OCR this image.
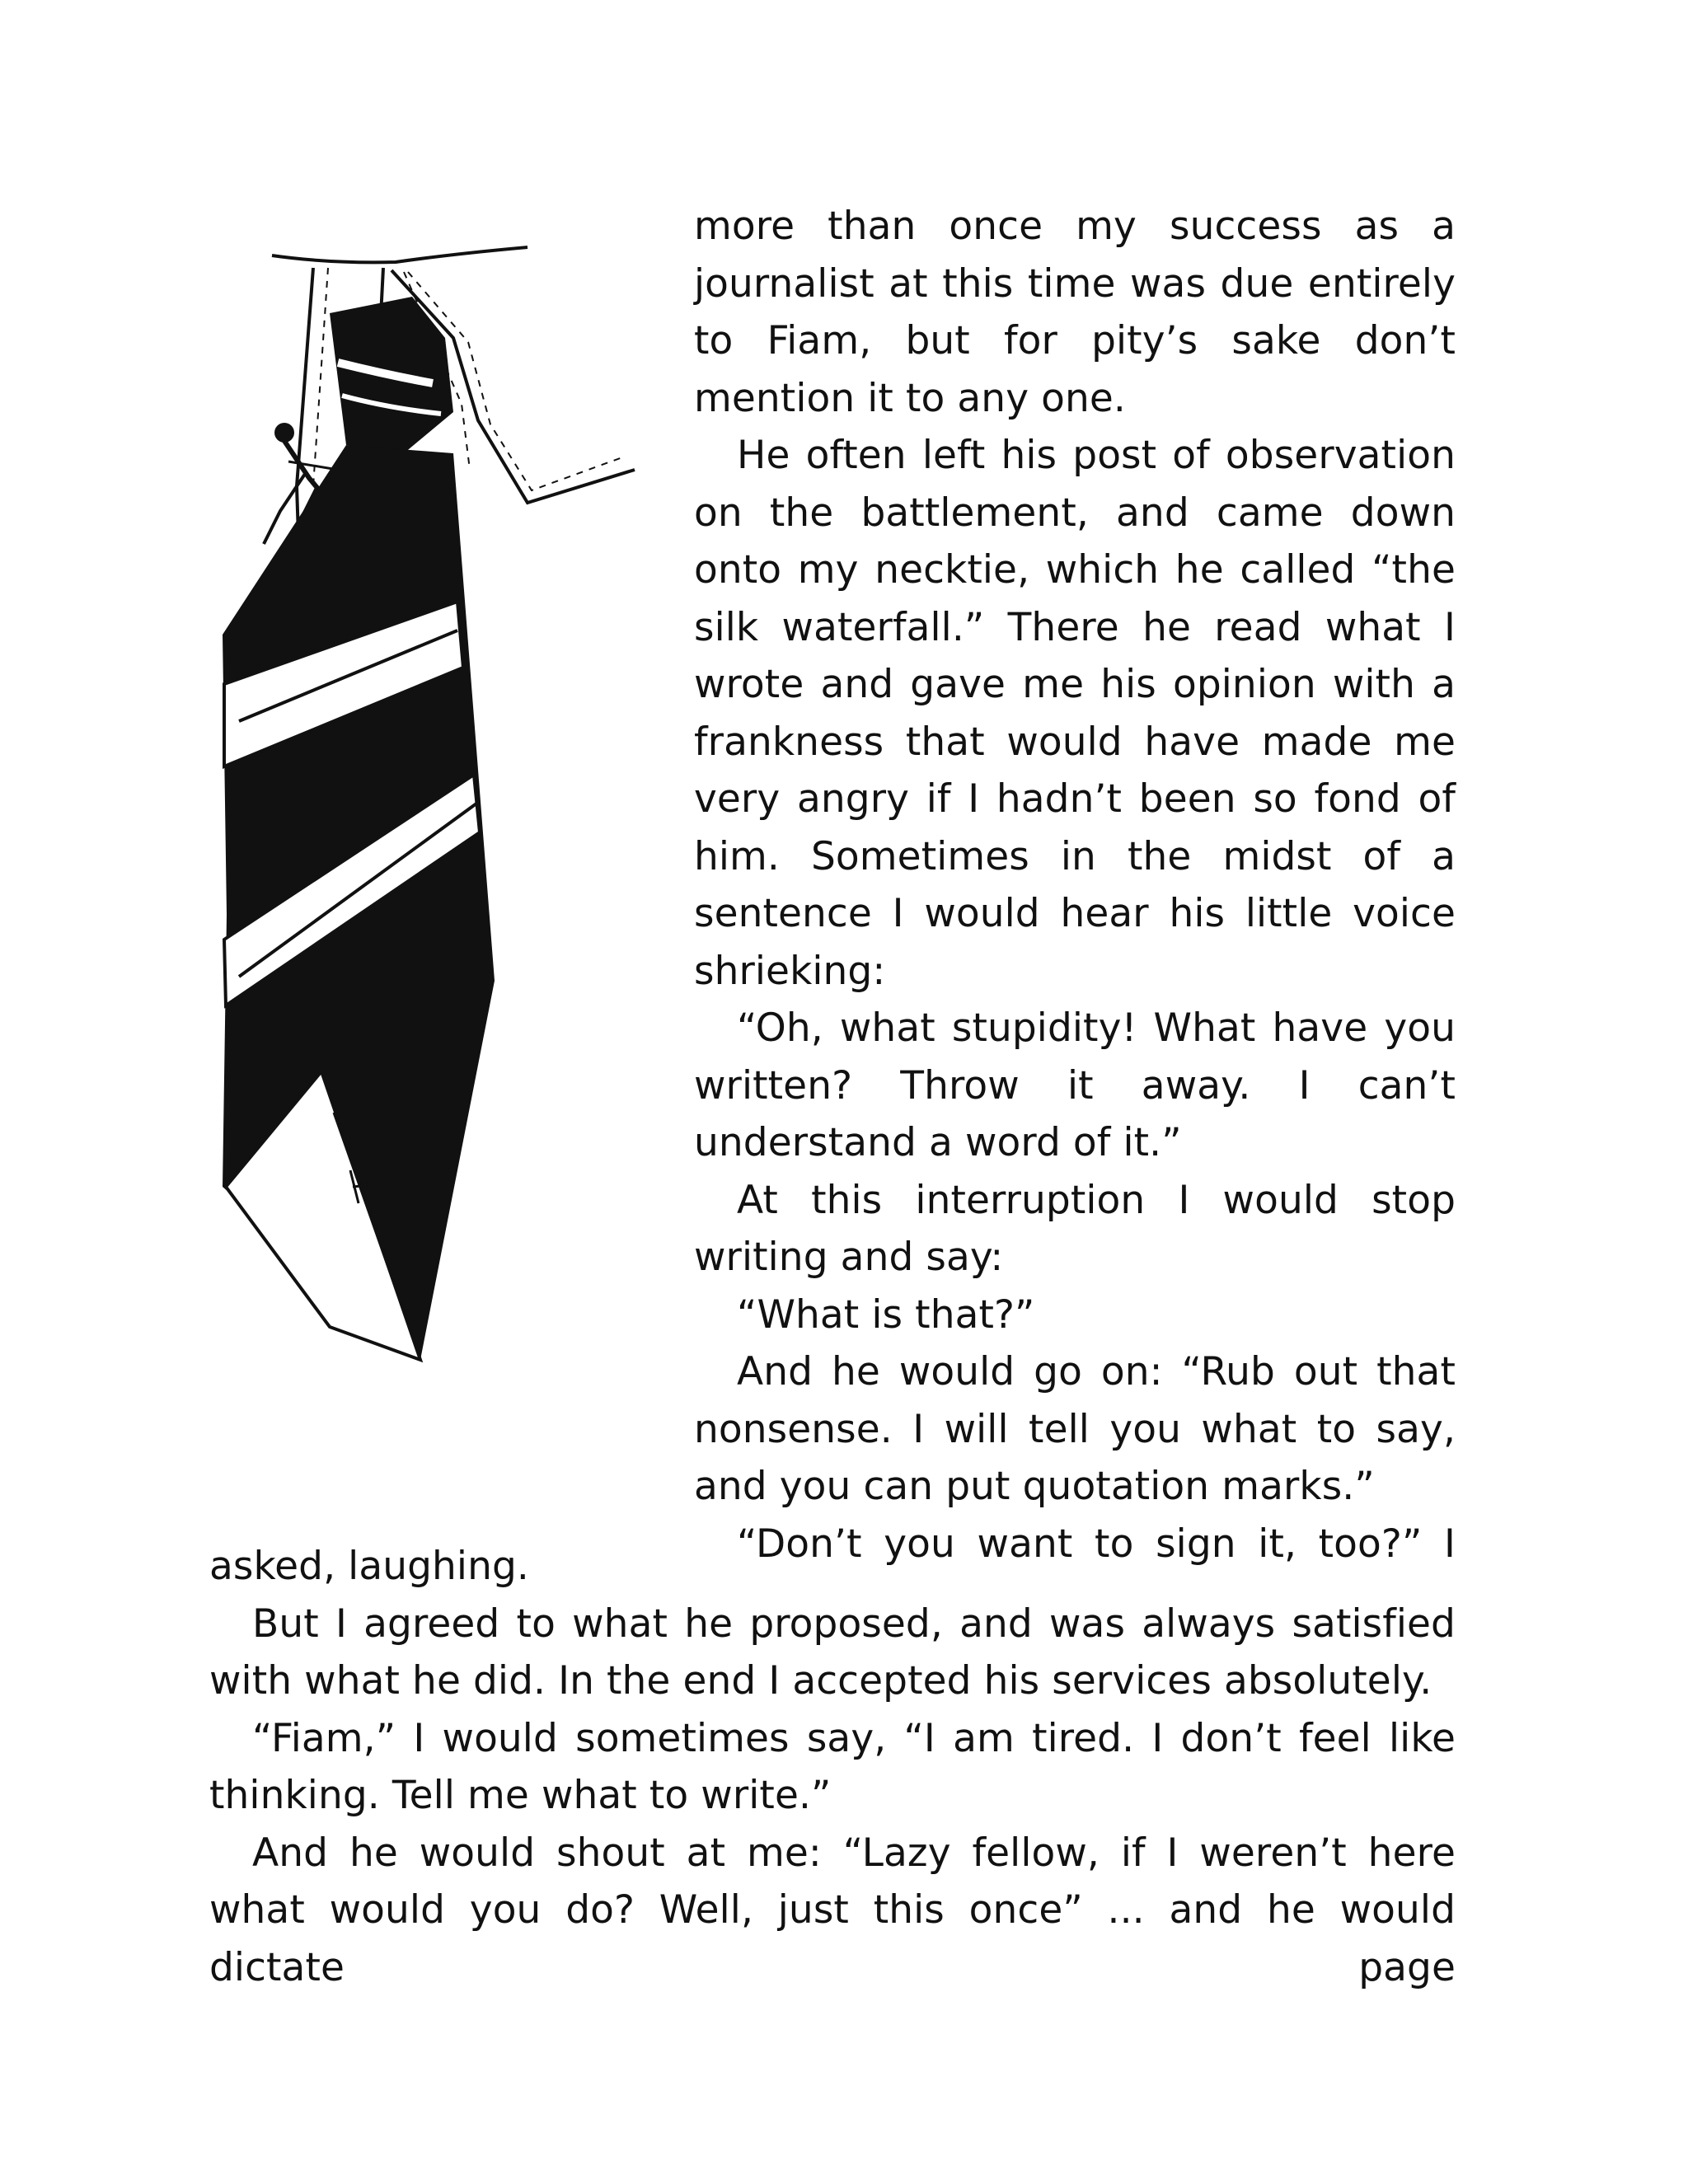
more than once my success as a journalist at this time was due entirely to Fiam, but for pity’s sake don’t mention it to any one.

He often left his post of observation on the battlement, and came down onto my necktie, which he called “the silk waterfall.” There he read what I wrote and gave me his opinion with a frankness that would have made me very angry if I hadn’t been so fond of him. Sometimes in the midst of a sentence I would hear his little voice shrieking:

“Oh, what stupidity! What have you written? Throw it away. I can’t understand a word of it.”

At this interruption I would stop writing and say:

“What is that?”

And he would go on: “Rub out that nonsense. I will tell you what to say, and you can put quotation marks.”

“Don’t you want to sign it, too?” I

asked, laughing.

But I agreed to what he proposed, and was always satisfied with what he did. In the end I accepted his services absolutely.

“Fiam,” I would sometimes say, “I am tired. I don’t feel like thinking. Tell me what to write.”

And he would shout at me: “Lazy fellow, if I weren’t here what would you do? Well, just this once” ... and he would dictate page
